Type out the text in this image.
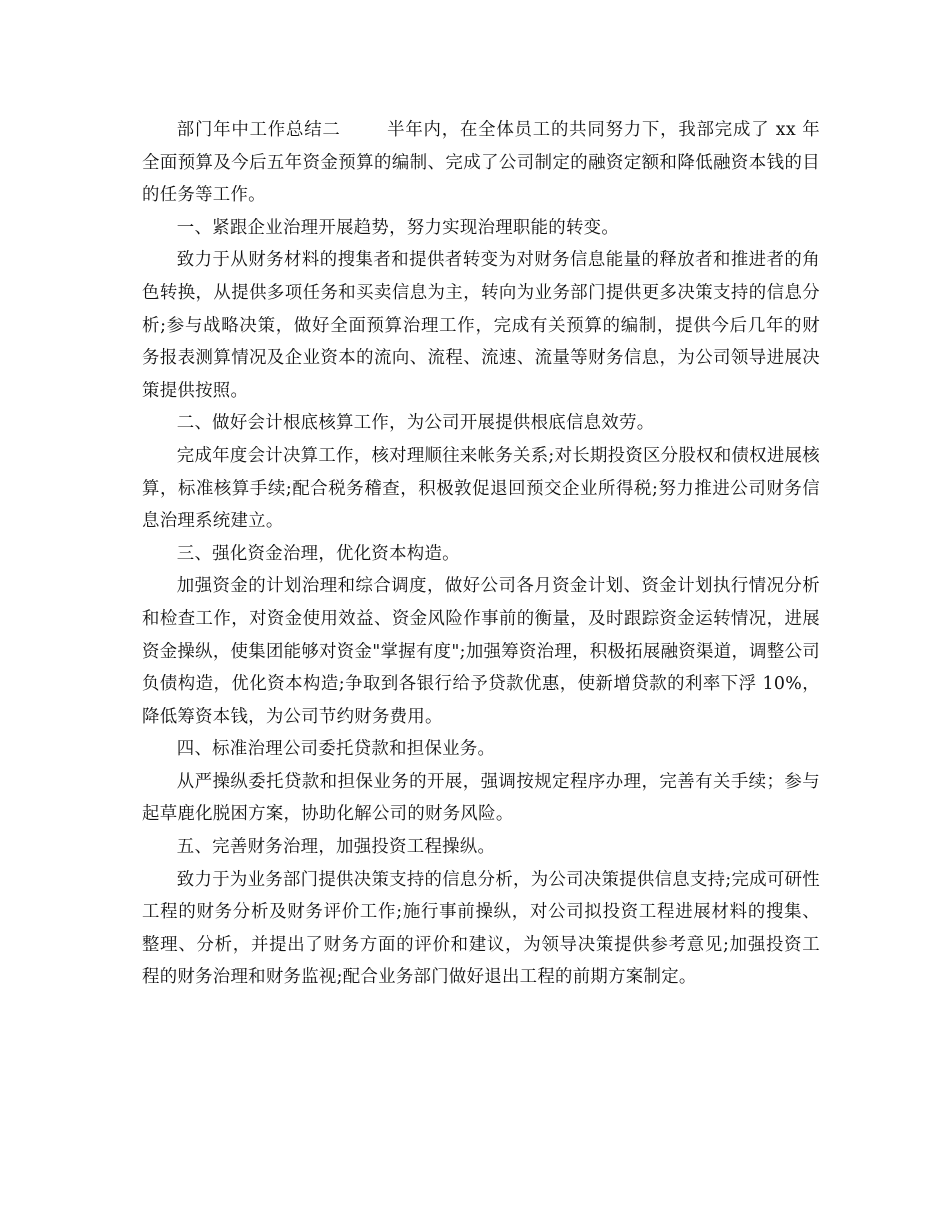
部门年中工作总结二	半年内，在全体员工的共同努力下，我部完成了 xx 年全面预算及今后五年资金预算的编制、完成了公司制定的融资定额和降低融资本钱的目的任务等工作。

一、紧跟企业治理开展趋势，努力实现治理职能的转变。

致力于从财务材料的搜集者和提供者转变为对财务信息能量的释放者和推进者的角色转换，从提供多项任务和买卖信息为主，转向为业务部门提供更多决策支持的信息分析;参与战略决策，做好全面预算治理工作，完成有关预算的编制，提供今后几年的财务报表测算情况及企业资本的流向、流程、流速、流量等财务信息，为公司领导进展决策提供按照。

二、做好会计根底核算工作，为公司开展提供根底信息效劳。

完成年度会计决算工作，核对理顺往来帐务关系;对长期投资区分股权和债权进展核算，标准核算手续;配合税务稽查，积极敦促退回预交企业所得税;努力推进公司财务信息治理系统建立。

三、强化资金治理，优化资本构造。

加强资金的计划治理和综合调度，做好公司各月资金计划、资金计划执行情况分析和检查工作，对资金使用效益、资金风险作事前的衡量，及时跟踪资金运转情况，进展资金操纵，使集团能够对资金"掌握有度";加强筹资治理，积极拓展融资渠道，调整公司负债构造，优化资本构造;争取到各银行给予贷款优惠，使新增贷款的利率下浮 10%，降低筹资本钱，为公司节约财务费用。

四、标准治理公司委托贷款和担保业务。

从严操纵委托贷款和担保业务的开展，强调按规定程序办理，完善有关手续；参与起草鹿化脱困方案，协助化解公司的财务风险。

五、完善财务治理，加强投资工程操纵。

致力于为业务部门提供决策支持的信息分析，为公司决策提供信息支持;完成可研性工程的财务分析及财务评价工作;施行事前操纵，对公司拟投资工程进展材料的搜集、整理、分析，并提出了财务方面的评价和建议，为领导决策提供参考意见;加强投资工程的财务治理和财务监视;配合业务部门做好退出工程的前期方案制定。
